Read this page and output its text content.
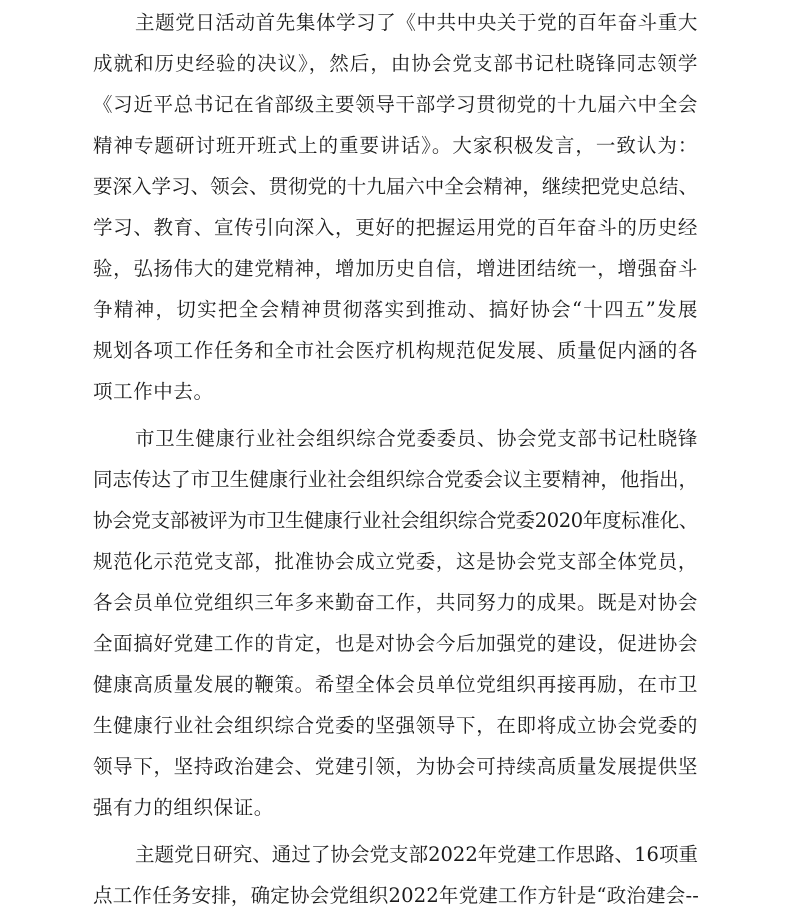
主题党日活动首先集体学习了《中共中央关于党的百年奋斗重大
成就和历史经验的决议》，然后，由协会党支部书记杜晓锋同志领学
《习近平总书记在省部级主要领导干部学习贯彻党的十九届六中全会
精神专题研讨班开班式上的重要讲话》。大家积极发言，一致认为：
要深入学习、领会、贯彻党的十九届六中全会精神，继续把党史总结、
学习、教育、宣传引向深入，更好的把握运用党的百年奋斗的历史经
验，弘扬伟大的建党精神，增加历史自信，增进团结统一，增强奋斗
争精神，切实把全会精神贯彻落实到推动、搞好协会“十四五”发展
规划各项工作任务和全市社会医疗机构规范促发展、质量促内涵的各
项工作中去。
市卫生健康行业社会组织综合党委委员、协会党支部书记杜晓锋
同志传达了市卫生健康行业社会组织综合党委会议主要精神，他指出，
协会党支部被评为市卫生健康行业社会组织综合党委2020年度标准化、
规范化示范党支部，批准协会成立党委，这是协会党支部全体党员，
各会员单位党组织三年多来勤奋工作，共同努力的成果。既是对协会
全面搞好党建工作的肯定，也是对协会今后加强党的建设，促进协会
健康高质量发展的鞭策。希望全体会员单位党组织再接再励，在市卫
生健康行业社会组织综合党委的坚强领导下，在即将成立协会党委的
领导下，坚持政治建会、党建引领，为协会可持续高质量发展提供坚
强有力的组织保证。
主题党日研究、通过了协会党支部2022年党建工作思路、16项重
点工作任务安排，确定协会党组织2022年党建工作方针是“政治建会--
